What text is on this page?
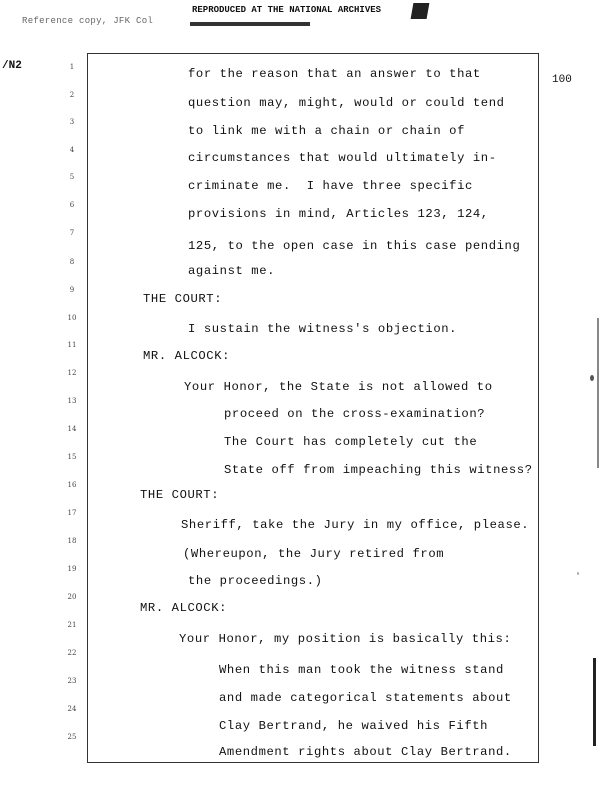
Reference copy, JFK Col
REPRODUCED AT THE NATIONAL ARCHIVES
/N2
100
1	for the reason that an answer to that
2
question may, might, would or could tend
3
to link me with a chain or chain of
4
circumstances that would ultimately in-
5
criminate me.  I have three specific
6
provisions in mind, Articles 123, 124,
7
125, to the open case in this case pending
8
against me.
9
THE COURT:
10
I sustain the witness's objection.
11
MR. ALCOCK:
12
Your Honor, the State is not allowed to
13
proceed on the cross-examination?
14
The Court has completely cut the
15
State off from impeaching this witness?
16
THE COURT:
17
Sheriff, take the Jury in my office, please.
18
(Whereupon, the Jury retired from
19
the proceedings.)
20
MR. ALCOCK:
21
Your Honor, my position is basically this:
22
When this man took the witness stand
23
and made categorical statements about
24
Clay Bertrand, he waived his Fifth
25
Amendment rights about Clay Bertrand.
